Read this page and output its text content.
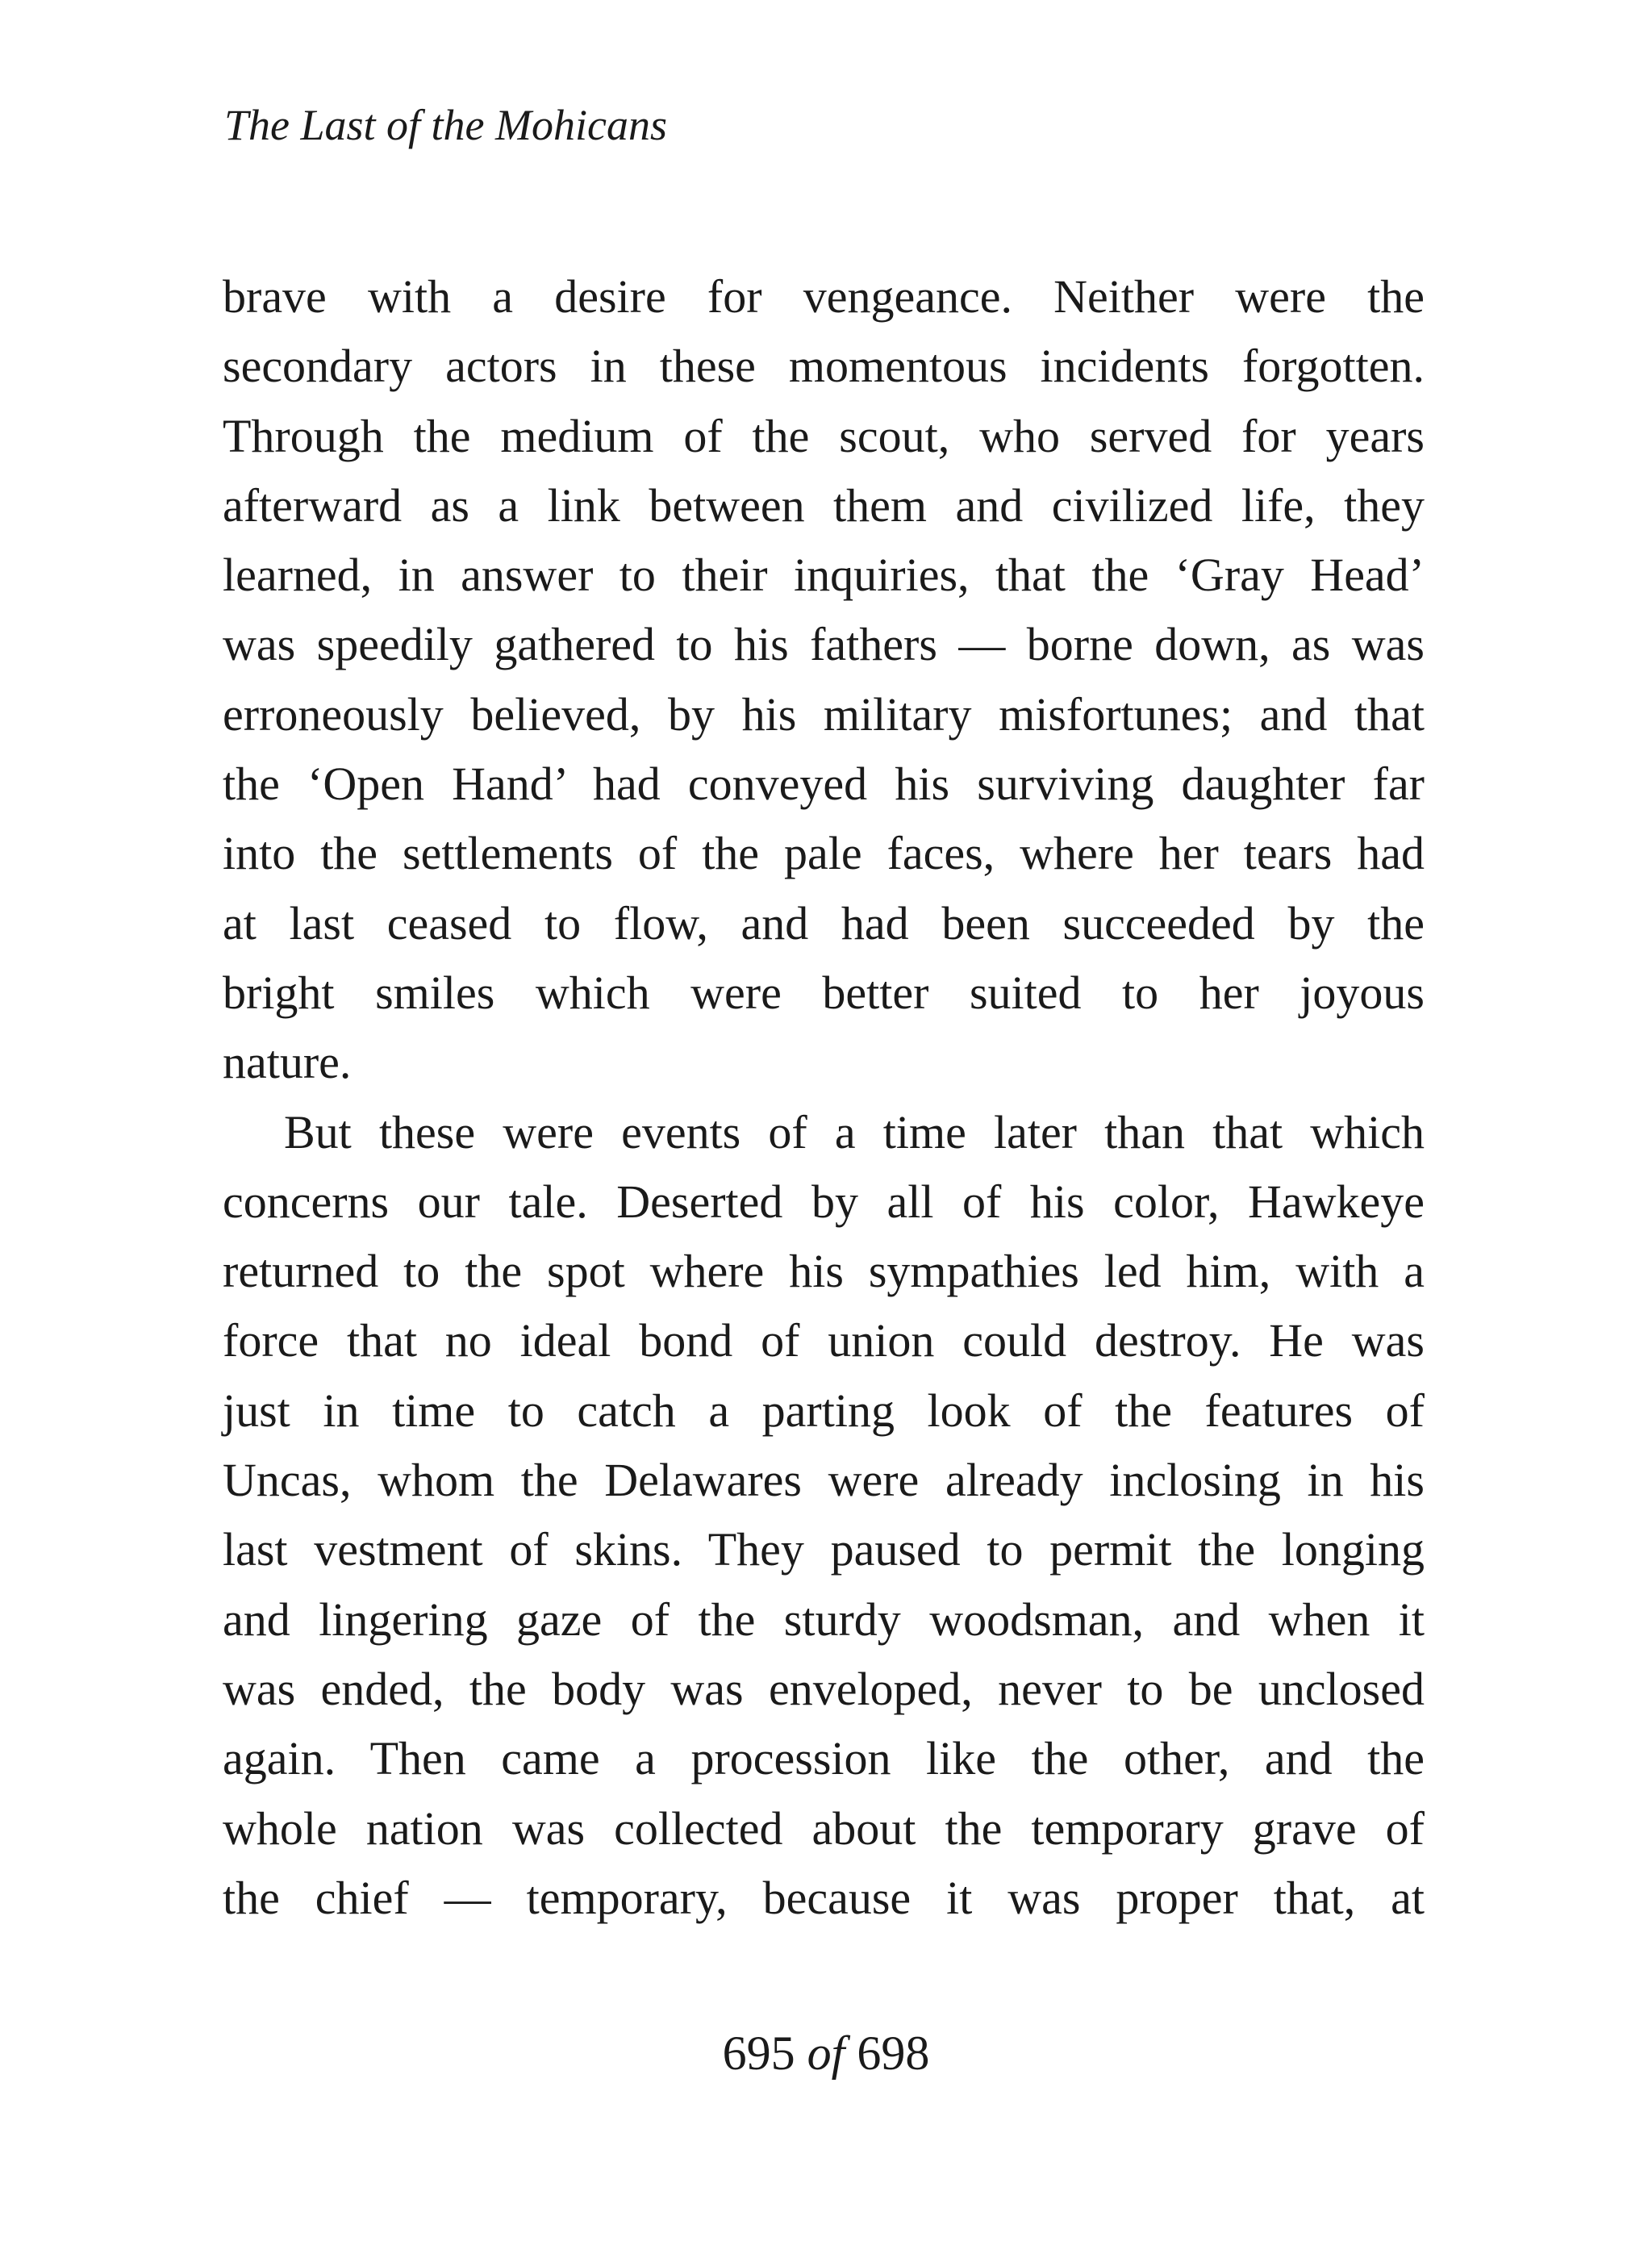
The Last of the Mohicans
brave with a desire for vengeance. Neither were the
secondary actors in these momentous incidents forgotten.
Through the medium of the scout, who served for years
afterward as a link between them and civilized life, they
learned, in answer to their inquiries, that the ‘Gray Head’
was speedily gathered to his fathers — borne down, as was
erroneously believed, by his military misfortunes; and that
the ‘Open Hand’ had conveyed his surviving daughter far
into the settlements of the pale faces, where her tears had
at last ceased to flow, and had been succeeded by the
bright smiles which were better suited to her joyous
nature.
But these were events of a time later than that which
concerns our tale. Deserted by all of his color, Hawkeye
returned to the spot where his sympathies led him, with a
force that no ideal bond of union could destroy. He was
just in time to catch a parting look of the features of
Uncas, whom the Delawares were already inclosing in his
last vestment of skins. They paused to permit the longing
and lingering gaze of the sturdy woodsman, and when it
was ended, the body was enveloped, never to be unclosed
again. Then came a procession like the other, and the
whole nation was collected about the temporary grave of
the chief — temporary, because it was proper that, at
695 of 698
